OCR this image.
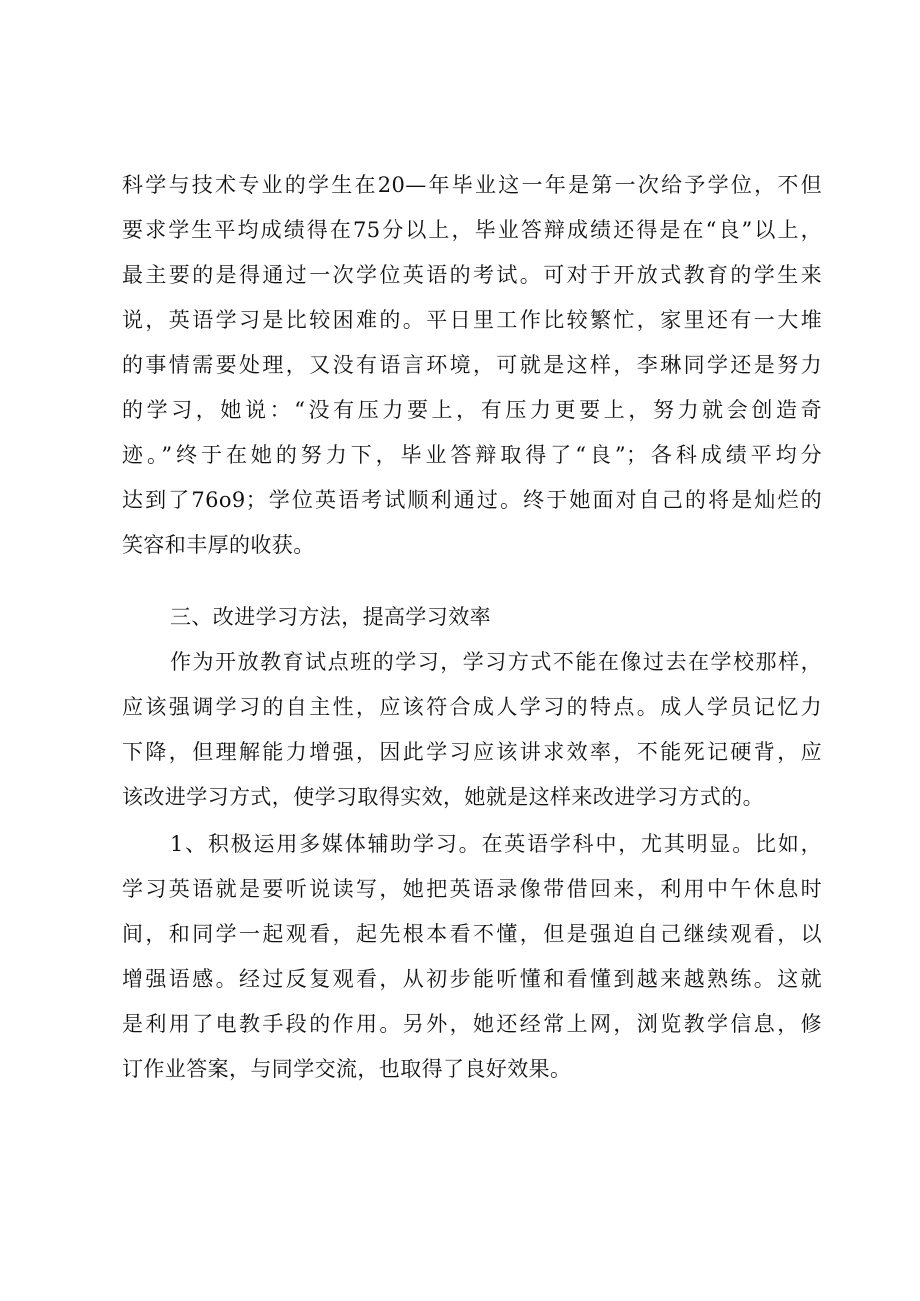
科学与技术专业的学生在20—年毕业这一年是第一次给予学位，不但
要求学生平均成绩得在75分以上，毕业答辩成绩还得是在“良”以上，
最主要的是得通过一次学位英语的考试。可对于开放式教育的学生来
说，英语学习是比较困难的。平日里工作比较繁忙，家里还有一大堆
的事情需要处理，又没有语言环境，可就是这样，李琳同学还是努力
的学习，她说：“没有压力要上，有压力更要上，努力就会创造奇
迹。”终于在她的努力下，毕业答辩取得了“良”；各科成绩平均分
达到了76o9；学位英语考试顺利通过。终于她面对自己的将是灿烂的
笑容和丰厚的收获。
三、改进学习方法，提高学习效率
作为开放教育试点班的学习，学习方式不能在像过去在学校那样，
应该强调学习的自主性，应该符合成人学习的特点。成人学员记忆力
下降，但理解能力增强，因此学习应该讲求效率，不能死记硬背，应
该改进学习方式，使学习取得实效，她就是这样来改进学习方式的。
1、积极运用多媒体辅助学习。在英语学科中，尤其明显。比如，
学习英语就是要听说读写，她把英语录像带借回来，利用中午休息时
间，和同学一起观看，起先根本看不懂，但是强迫自己继续观看，以
增强语感。经过反复观看，从初步能听懂和看懂到越来越熟练。这就
是利用了电教手段的作用。另外，她还经常上网，浏览教学信息，修
订作业答案，与同学交流，也取得了良好效果。
